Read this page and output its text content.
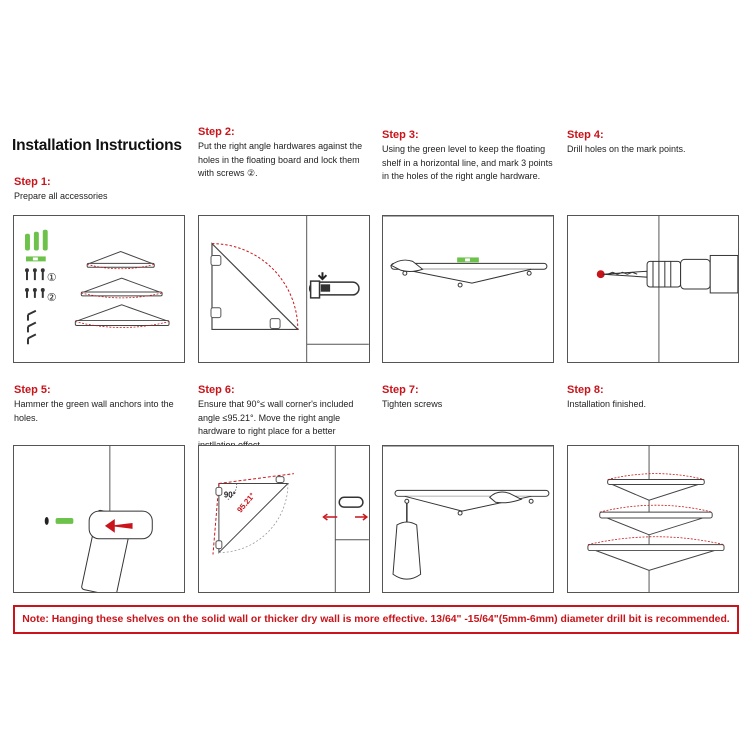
Installation Instructions
Step 1:
Prepare all accessories
Step 2:
Put the right angle hardwares against the holes in the floating board and lock them with screws ②.
Step 3:
Using the green level to keep the floating shelf in a horizontal line, and mark 3 points in the holes of the right angle hardware.
Step 4:
Drill holes on the mark points.
①
②
Step 5:
Hammer the green wall anchors into the holes.
Step 6:
Ensure that 90°≤ wall corner's included angle ≤95.21°. Move the right angle hardware to right place for a better
Step 7:
Tighten screws
Step 8:
Installation finished.
90° 95.21°
Note: Hanging these shelves on the solid wall or thicker dry wall is more effective. 13/64" -15/64"(5mm-6mm) diameter drill bit is recommended.
